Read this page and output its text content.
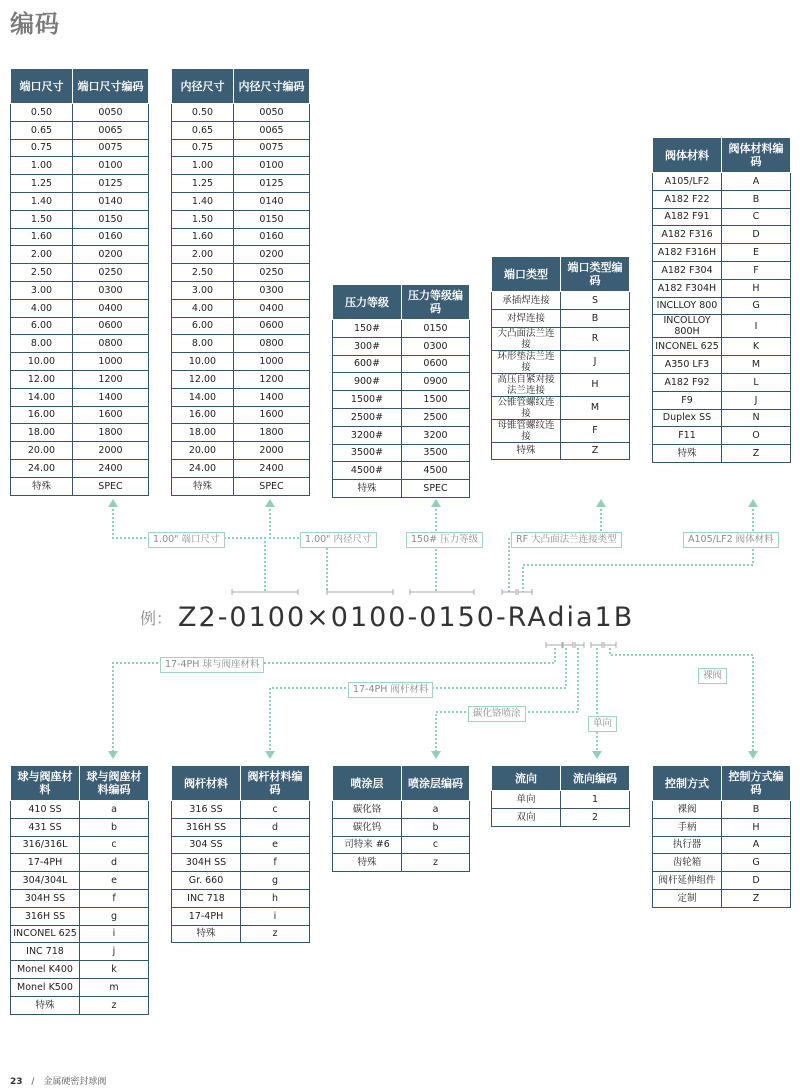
编码
端口尺寸	端口尺寸编码
0.50	0050
0.65	0065
0.75	0075
1.00	0100
1.25	0125
1.40	0140
1.50	0150
1.60	0160
2.00	0200
2.50	0250
3.00	0300
4.00	0400
6.00	0600
8.00	0800
10.00	1000
12.00	1200
14.00	1400
16.00	1600
18.00	1800
20.00	2000
24.00	2400
特殊	SPEC
内径尺寸	内径尺寸编码
0.50	0050
0.65	0065
0.75	0075
1.00	0100
1.25	0125
1.40	0140
1.50	0150
1.60	0160
2.00	0200
2.50	0250
3.00	0300
4.00	0400
6.00	0600
8.00	0800
10.00	1000
12.00	1200
14.00	1400
16.00	1600
18.00	1800
20.00	2000
24.00	2400
特殊	SPEC
压力等级	压力等级编码
150#	0150
300#	0300
600#	0600
900#	0900
1500#	1500
2500#	2500
3200#	3200
3500#	3500
4500#	4500
特殊	SPEC
端口类型	端口类型编码
承插焊连接	S
对焊连接	B
大凸面法兰连接	R
环形垫法兰连接	J
高压自紧对接法兰连接	H
公锥管螺纹连接	M
母锥管螺纹连接	F
特殊	Z
阀体材料	阀体材料编码
A105/LF2	A
A182 F22	B
A182 F91	C
A182 F316	D
A182 F316H	E
A182 F304	F
A182 F304H	H
INCLLOY 800	G
INCOLLOY 800H	I
INCONEL 625	K
A350 LF3	M
A182 F92	L
F9	J
Duplex SS	N
F11	O
特殊	Z
球与阀座材料	球与阀座材料编码
410 SS	a
431 SS	b
316/316L	c
17-4PH	d
304/304L	e
304H SS	f
316H SS	g
INCONEL 625	i
INC 718	j
Monel K400	k
Monel K500	m
特殊	z
阀杆材料	阀杆材料编码
316 SS	c
316H SS	d
304 SS	e
304H SS	f
Gr. 660	g
INC 718	h
17-4PH	i
特殊	z
喷涂层	喷涂层编码
碳化铬	a
碳化钨	b
司特来 #6	c
特殊	z
流向	流向编码
单向	1
双向	2
控制方式	控制方式编码
裸阀	B
手柄	H
执行器	A
齿轮箱	G
阀杆延伸组件	D
定制	Z
1.00" 端口尺寸	1.00" 内径尺寸	150# 压力等级	RF 大凸面法兰连接类型	A105/LF2 阀体材料
17-4PH 球与阀座材料
17-4PH 阀杆材料
碳化铬喷涂
单向
裸阀
例： Z2-0100×0100-0150-RAdia1B
23 / 金属硬密封球阀
